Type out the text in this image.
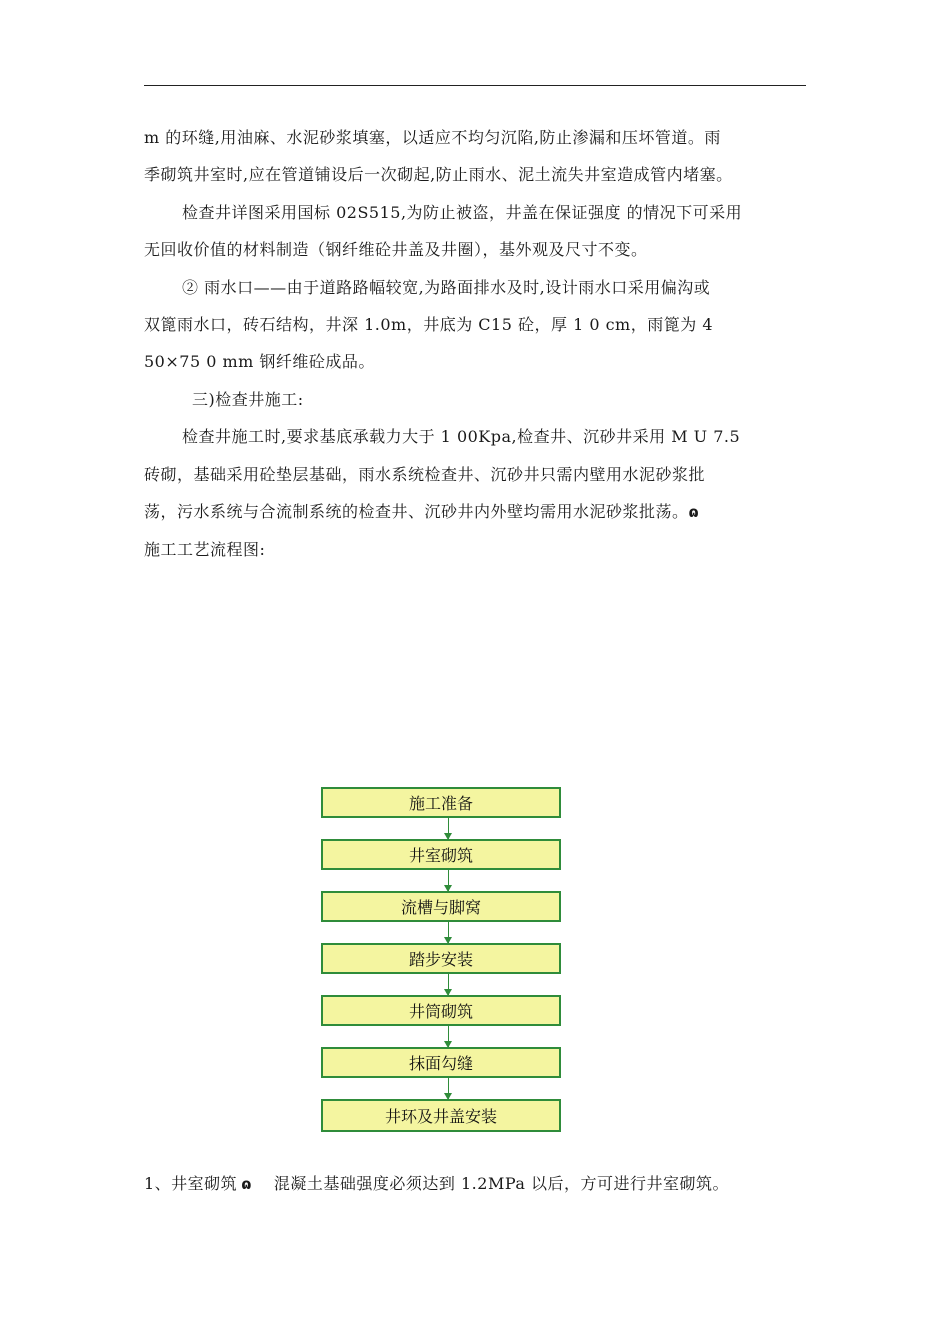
m 的环缝,用油麻、水泥砂浆填塞，以适应不均匀沉陷,防止渗漏和压坏管道。雨
季砌筑井室时,应在管道铺设后一次砌起,防止雨水、泥土流失井室造成管内堵塞。
检查井详图采用国标 02S515,为防止被盗，井盖在保证强度 的情况下可采用
无回收价值的材料制造（钢纤维砼井盖及井圈），基外观及尺寸不变。
② 雨水口——由于道路路幅较宽,为路面排水及时,设计雨水口采用偏沟或
双篦雨水口，砖石结构，井深 1.0m，井底为 C15 砼，厚 1 0 cm，雨篦为 4
50×75 0 mm 钢纤维砼成品。
三)检查井施工:
检查井施工时,要求基底承载力大于 1 00Kpa,检查井、沉砂井采用 M U 7.5
砖砌，基础采用砼垫层基础，雨水系统检查井、沉砂井只需内壁用水泥砂浆批
荡，污水系统与合流制系统的检查井、沉砂井内外壁均需用水泥砂浆批荡。ɷ
施工工艺流程图:
施工准备
井室砌筑
流槽与脚窝
踏步安装
井筒砌筑
抹面勾缝
井环及井盖安装
1、井室砌筑 ɷ 混凝土基础强度必须达到 1.2MPa 以后，方可进行井室砌筑。
